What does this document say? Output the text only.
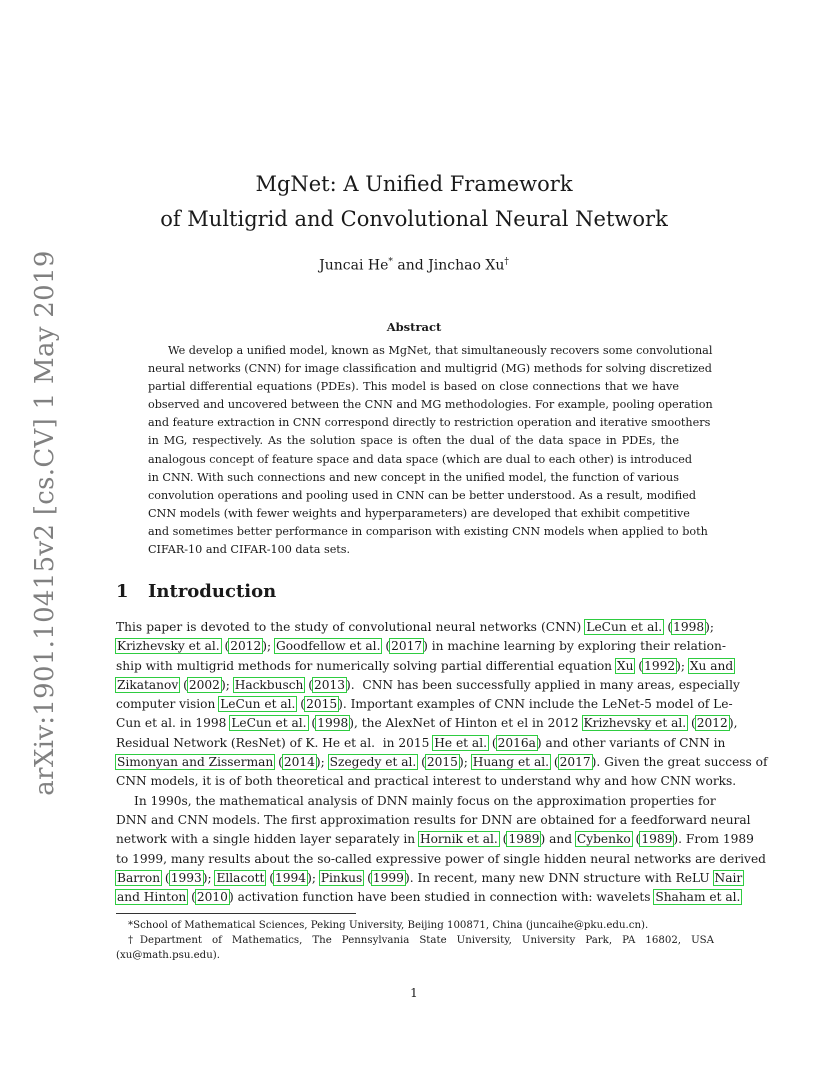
arXiv:1901.10415v2 [cs.CV] 1 May 2019
MgNet: A Unified Framework
of Multigrid and Convolutional Neural Network
Juncai He* and Jinchao Xu†
Abstract
We develop a unified model, known as MgNet, that simultaneously recovers some convolutional
neural networks (CNN) for image classification and multigrid (MG) methods for solving discretized
partial differential equations (PDEs). This model is based on close connections that we have
observed and uncovered between the CNN and MG methodologies. For example, pooling operation
and feature extraction in CNN correspond directly to restriction operation and iterative smoothers
in MG, respectively. As the solution space is often the dual of the data space in PDEs, the
analogous concept of feature space and data space (which are dual to each other) is introduced
in CNN. With such connections and new concept in the unified model, the function of various
convolution operations and pooling used in CNN can be better understood. As a result, modified
CNN models (with fewer weights and hyperparameters) are developed that exhibit competitive
and sometimes better performance in comparison with existing CNN models when applied to both
CIFAR-10 and CIFAR-100 data sets.
1 Introduction
This paper is devoted to the study of convolutional neural networks (CNN) LeCun et al. (1998);
Krizhevsky et al. (2012); Goodfellow et al. (2017) in machine learning by exploring their relation-
ship with multigrid methods for numerically solving partial differential equation Xu (1992); Xu and
Zikatanov (2002); Hackbusch (2013).  CNN has been successfully applied in many areas, especially
computer vision LeCun et al. (2015). Important examples of CNN include the LeNet-5 model of Le-
Cun et al. in 1998 LeCun et al. (1998), the AlexNet of Hinton et el in 2012 Krizhevsky et al. (2012),
Residual Network (ResNet) of K. He et al.  in 2015 He et al. (2016a) and other variants of CNN in
Simonyan and Zisserman (2014); Szegedy et al. (2015); Huang et al. (2017). Given the great success of
CNN models, it is of both theoretical and practical interest to understand why and how CNN works.
In 1990s, the mathematical analysis of DNN mainly focus on the approximation properties for
DNN and CNN models. The first approximation results for DNN are obtained for a feedforward neural
network with a single hidden layer separately in Hornik et al. (1989) and Cybenko (1989). From 1989
to 1999, many results about the so-called expressive power of single hidden neural networks are derived
Barron (1993); Ellacott (1994); Pinkus (1999). In recent, many new DNN structure with ReLU Nair
and Hinton (2010) activation function have been studied in connection with: wavelets Shaham et al.
*School of Mathematical Sciences, Peking University, Beijing 100871, China (juncaihe@pku.edu.cn).
†Department of Mathematics, The Pennsylvania State University, University Park, PA 16802, USA
(xu@math.psu.edu).
1
